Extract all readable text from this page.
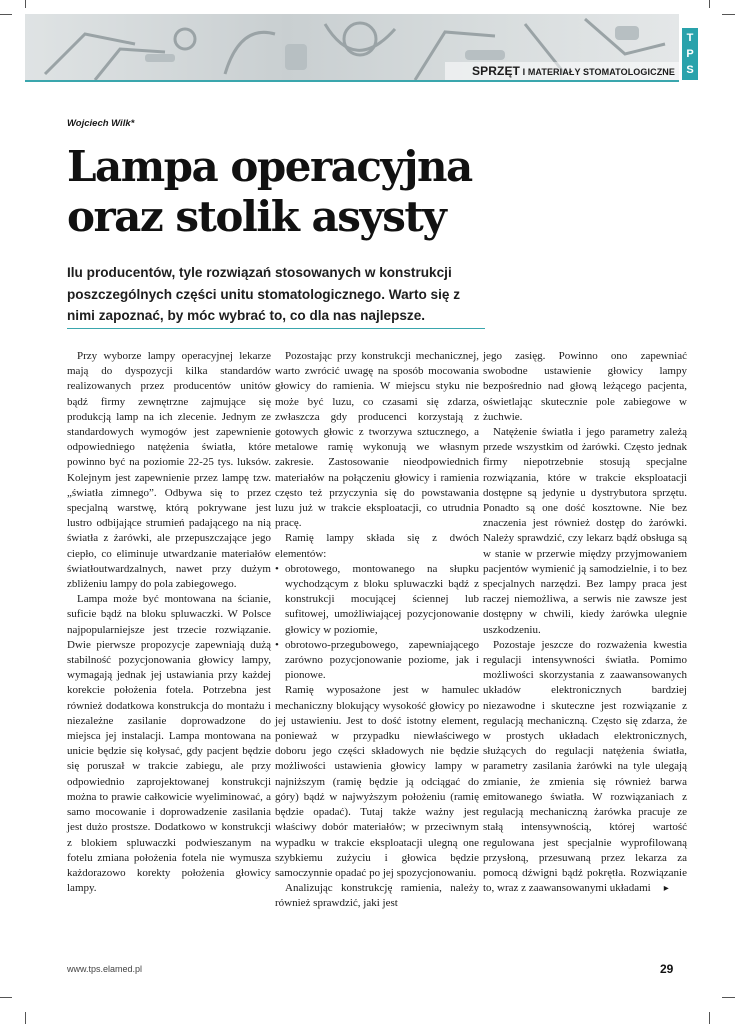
SPRZĘT I MATERIAŁY STOMATOLOGICZNE
T
P
S
Wojciech Wilk*
Lampa operacyjna
oraz stolik asysty
Ilu producentów, tyle rozwiązań stosowanych w konstrukcji poszczególnych części unitu stomatologicznego. Warto się z nimi zapoznać, by móc wybrać to, co dla nas najlepsze.

Przy wyborze lampy operacyjnej lekarze mają do dyspozycji kilka standardów realizowanych przez producentów unitów bądź firmy zewnętrzne zajmujące się produkcją lamp na ich zlecenie. Jednym ze standardowych wymogów jest zapewnienie odpowiedniego natężenia światła, które powinno być na poziomie 22-25 tys. luksów. Kolejnym jest zapewnienie przez lampę tzw. „światła zimnego”. Odbywa się to przez specjalną warstwę, którą pokrywane jest lustro odbijające strumień padającego na nią światła z żarówki, ale przepuszczające jego ciepło, co eliminuje utwardzanie materiałów światłoutwardzalnych, nawet przy dużym zbliżeniu lampy do pola zabiegowego.

Lampa może być montowana na ścianie, suficie bądź na bloku spluwaczki. W Polsce najpopularniejsze jest trzecie rozwiązanie. Dwie pierwsze propozycje zapewniają dużą stabilność pozycjonowania głowicy lampy, wymagają jednak jej ustawiania przy każdej korekcie położenia fotela. Potrzebna jest również dodatkowa konstrukcja do montażu i niezależne zasilanie doprowadzone do miejsca jej instalacji. Lampa montowana na unicie będzie się kołysać, gdy pacjent będzie się poruszał w trakcie zabiegu, ale przy odpowiednio zaprojektowanej konstrukcji można to prawie całkowicie wyeliminować, a samo mocowanie i doprowadzenie zasilania jest dużo prostsze. Dodatkowo w konstrukcji z blokiem spluwaczki podwieszanym na fotelu zmiana położenia fotela nie wymusza każdorazowo korekty położenia głowicy lampy.

Pozostając przy konstrukcji mechanicznej, warto zwrócić uwagę na sposób mocowania głowicy do ramienia. W miejscu styku nie może być luzu, co czasami się zdarza, zwłaszcza gdy producenci korzystają z gotowych głowic z tworzywa sztucznego, a metalowe ramię wykonują we własnym zakresie. Zastosowanie nieodpowiednich materiałów na połączeniu głowicy i ramienia często też przyczynia się do powstawania luzu już w trakcie eksploatacji, co utrudnia pracę.

Ramię lampy składa się z dwóch elementów:

• obrotowego, montowanego na słupku wychodzącym z bloku spluwaczki bądź z konstrukcji mocującej ściennej lub sufitowej, umożliwiającej pozycjonowanie głowicy w poziomie,
• obrotowo-przegubowego, zapewniającego zarówno pozycjonowanie poziome, jak i pionowe.

Ramię wyposażone jest w hamulec mechaniczny blokujący wysokość głowicy po jej ustawieniu. Jest to dość istotny element, ponieważ w przypadku niewłaściwego doboru jego części składowych nie będzie możliwości ustawienia głowicy lampy w najniższym (ramię będzie ją odciągać do góry) bądź w najwyższym położeniu (ramię będzie opadać). Tutaj także ważny jest właściwy dobór materiałów; w przeciwnym wypadku w trakcie eksploatacji ulegną one szybkiemu zużyciu i głowica będzie samoczynnie opadać po jej spozycjonowaniu.

Analizując konstrukcję ramienia, należy również sprawdzić, jaki jest

jego zasięg. Powinno ono zapewniać swobodne ustawienie głowicy lampy bezpośrednio nad głową leżącego pacjenta, oświetlając skutecznie pole zabiegowe w żuchwie.

Natężenie światła i jego parametry zależą przede wszystkim od żarówki. Często jednak firmy niepotrzebnie stosują specjalne rozwiązania, które w trakcie eksploatacji dostępne są jedynie u dystrybutora sprzętu. Ponadto są one dość kosztowne. Nie bez znaczenia jest również dostęp do żarówki. Należy sprawdzić, czy lekarz bądź obsługa są w stanie w przerwie między przyjmowaniem pacjentów wymienić ją samodzielnie, i to bez specjalnych narzędzi. Bez lampy praca jest raczej niemożliwa, a serwis nie zawsze jest dostępny w chwili, kiedy żarówka ulegnie uszkodzeniu.

Pozostaje jeszcze do rozważenia kwestia regulacji intensywności światła. Pomimo możliwości skorzystania z zaawansowanych układów elektronicznych bardziej niezawodne i skuteczne jest rozwiązanie z regulacją mechaniczną. Często się zdarza, że w prostych układach elektronicznych, służących do regulacji natężenia światła, parametry zasilania żarówki na tyle ulegają zmianie, że zmienia się również barwa emitowanego światła. W rozwiązaniach z regulacją mechaniczną żarówka pracuje ze stałą intensywnością, której wartość regulowana jest specjalnie wyprofilowaną przysłoną, przesuwaną przez lekarza za pomocą dźwigni bądź pokrętła. Rozwiązanie to, wraz z zaawansowanymi układami ▸

www.tps.elamed.pl	29
